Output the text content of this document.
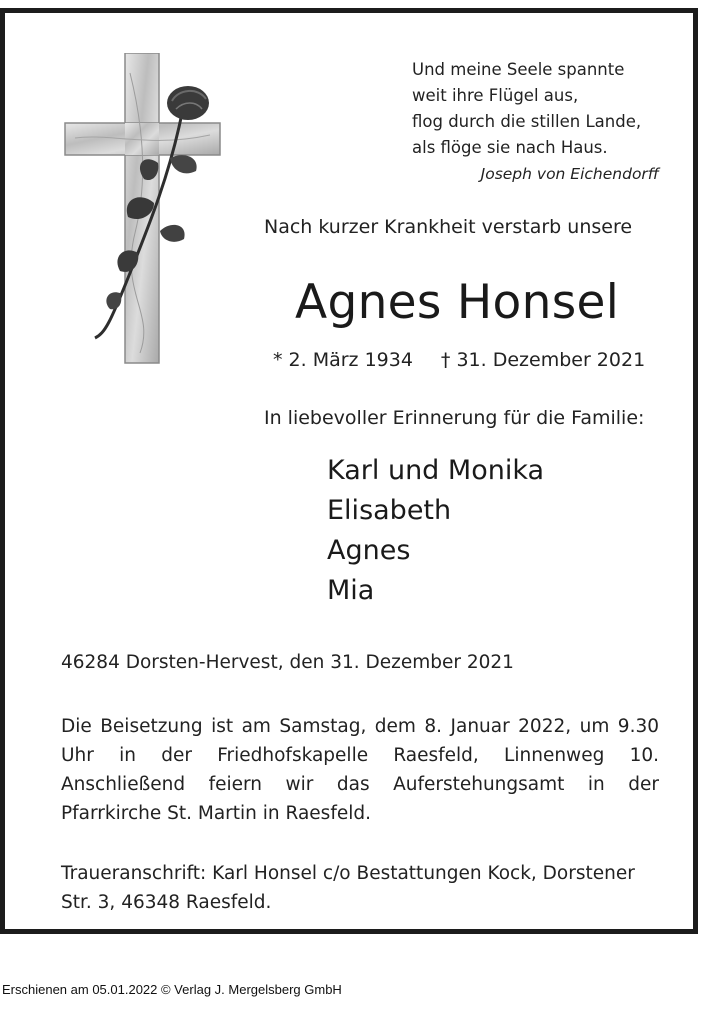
Und meine Seele spannte
weit ihre Flügel aus,
flog durch die stillen Lande,
als flöge sie nach Haus.
Joseph von Eichendorff
Nach kurzer Krankheit verstarb unsere
Agnes Honsel
* 2. März 1934 † 31. Dezember 2021
In liebevoller Erinnerung für die Familie:
Karl und Monika
Elisabeth
Agnes
Mia
46284 Dorsten-Hervest, den 31. Dezember 2021
Die Beisetzung ist am Samstag, dem 8. Januar 2022, um 9.30 Uhr in der Friedhofskapelle Raesfeld, Linnenweg 10. Anschließend feiern wir das Auferstehungsamt in der Pfarrkirche St. Martin in Raesfeld.
Traueranschrift: Karl Honsel c/o Bestattungen Kock, Dorstener Str. 3, 46348 Raesfeld.
Erschienen am 05.01.2022 © Verlag J. Mergelsberg GmbH
